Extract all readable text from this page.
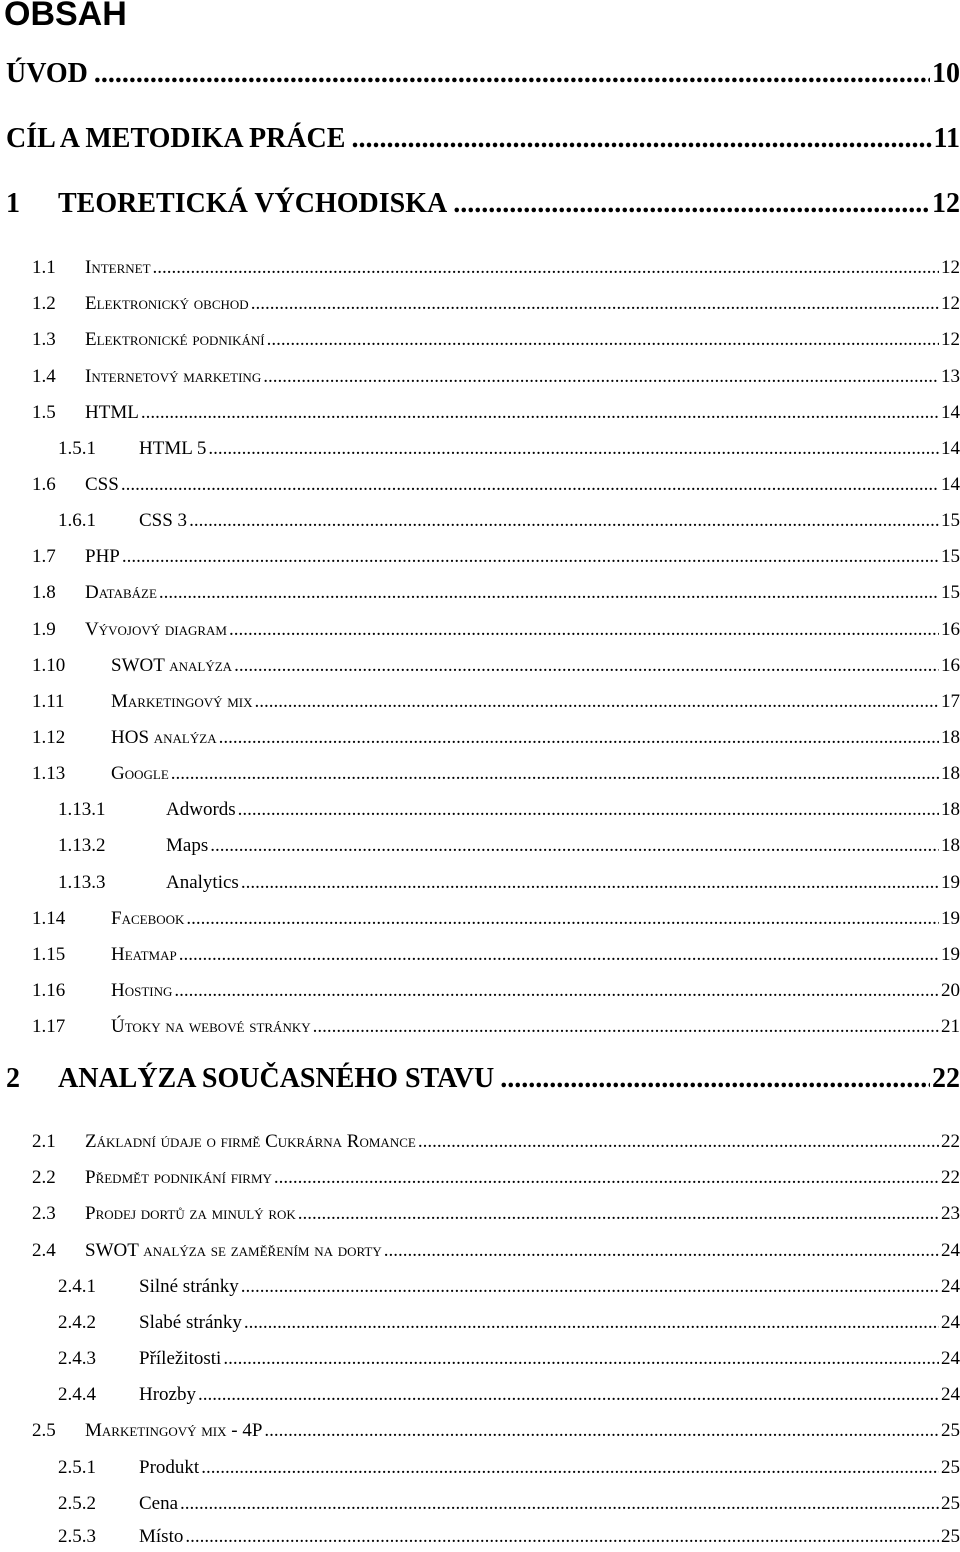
OBSAH
ÚVOD .....	10
CÍL A METODIKA PRÁCE .....	11
1	TEORETICKÁ VÝCHODISKA .....	12
1.1	Internet .....	12
1.2	Elektronický obchod .....	12
1.3	Elektronické podnikání .....	12
1.4	Internetový marketing .....	13
1.5	HTML .....	14
1.5.1	HTML 5 .....	14
1.6	CSS .....	14
1.6.1	CSS 3 .....	15
1.7	PHP .....	15
1.8	Databáze .....	15
1.9	Vývojový diagram .....	16
1.10	SWOT analýza .....	16
1.11	Marketingový mix .....	17
1.12	HOS analýza .....	18
1.13	Google .....	18
1.13.1	Adwords .....	18
1.13.2	Maps .....	18
1.13.3	Analytics .....	19
1.14	Facebook .....	19
1.15	Heatmap .....	19
1.16	Hosting .....	20
1.17	Útoky na webové stránky .....	21
2	ANALÝZA SOUČASNÉHO STAVU .....	22
2.1	Základní údaje o firmě Cukrárna Romance .....	22
2.2	Předmět podnikání firmy .....	22
2.3	Prodej dortů za minulý rok .....	23
2.4	SWOT analýza se zaměřením na dorty .....	24
2.4.1	Silné stránky .....	24
2.4.2	Slabé stránky .....	24
2.4.3	Příležitosti .....	24
2.4.4	Hrozby .....	24
2.5	Marketingový mix - 4P .....	25
2.5.1	Produkt .....	25
2.5.2	Cena .....	25
2.5.3	Místo .....	25
